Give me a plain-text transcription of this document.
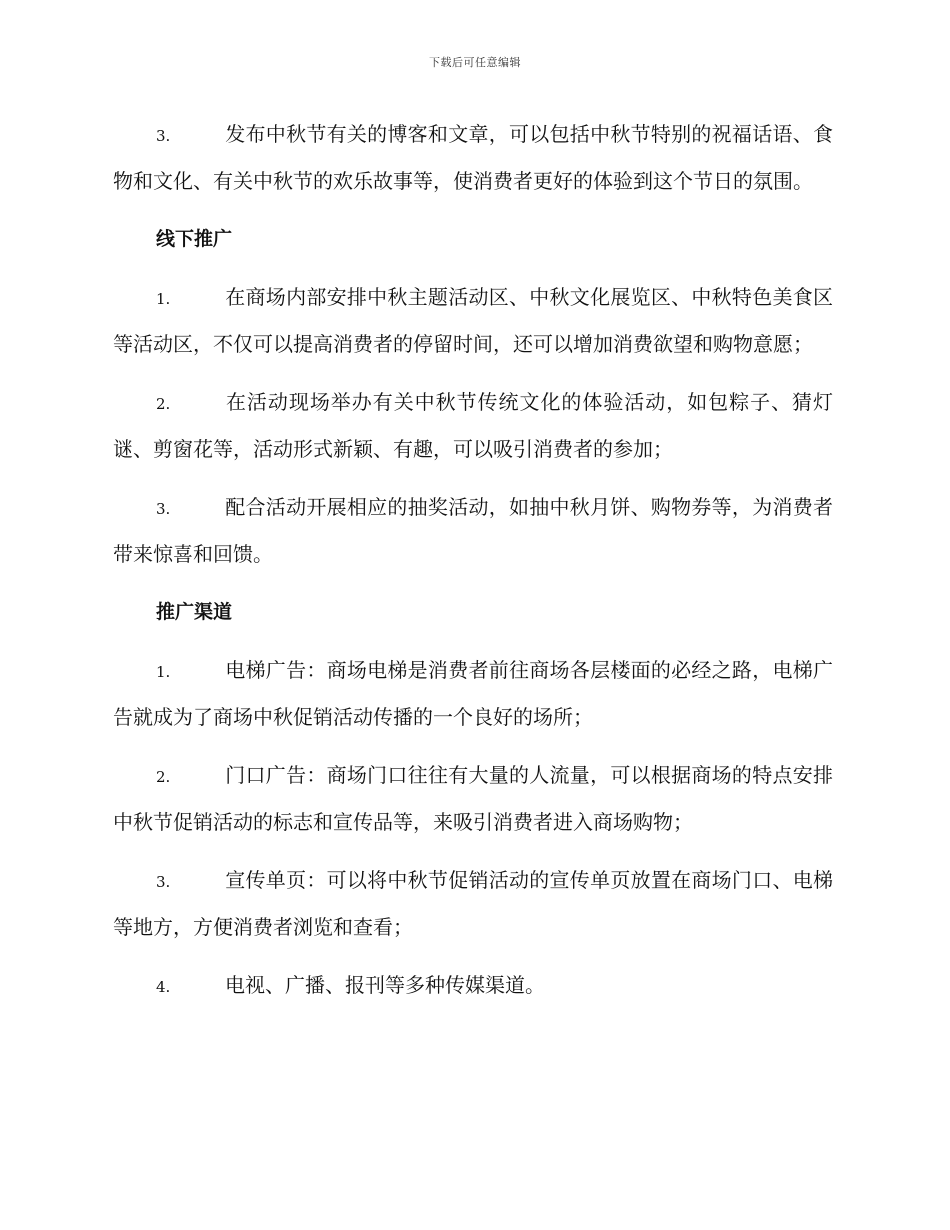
下载后可任意编辑

3.	发布中秋节有关的博客和文章，可以包括中秋节特别的祝福话语、食物和文化、有关中秋节的欢乐故事等，使消费者更好的体验到这个节日的氛围。

线下推广

1.	在商场内部安排中秋主题活动区、中秋文化展览区、中秋特色美食区等活动区，不仅可以提高消费者的停留时间，还可以增加消费欲望和购物意愿；

2.	在活动现场举办有关中秋节传统文化的体验活动，如包粽子、猜灯谜、剪窗花等，活动形式新颖、有趣，可以吸引消费者的参加；

3.	配合活动开展相应的抽奖活动，如抽中秋月饼、购物券等，为消费者带来惊喜和回馈。

推广渠道

1.	电梯广告：商场电梯是消费者前往商场各层楼面的必经之路，电梯广告就成为了商场中秋促销活动传播的一个良好的场所；

2.	门口广告：商场门口往往有大量的人流量，可以根据商场的特点安排中秋节促销活动的标志和宣传品等，来吸引消费者进入商场购物；

3.	宣传单页：可以将中秋节促销活动的宣传单页放置在商场门口、电梯等地方，方便消费者浏览和查看；

4.	电视、广播、报刊等多种传媒渠道。
